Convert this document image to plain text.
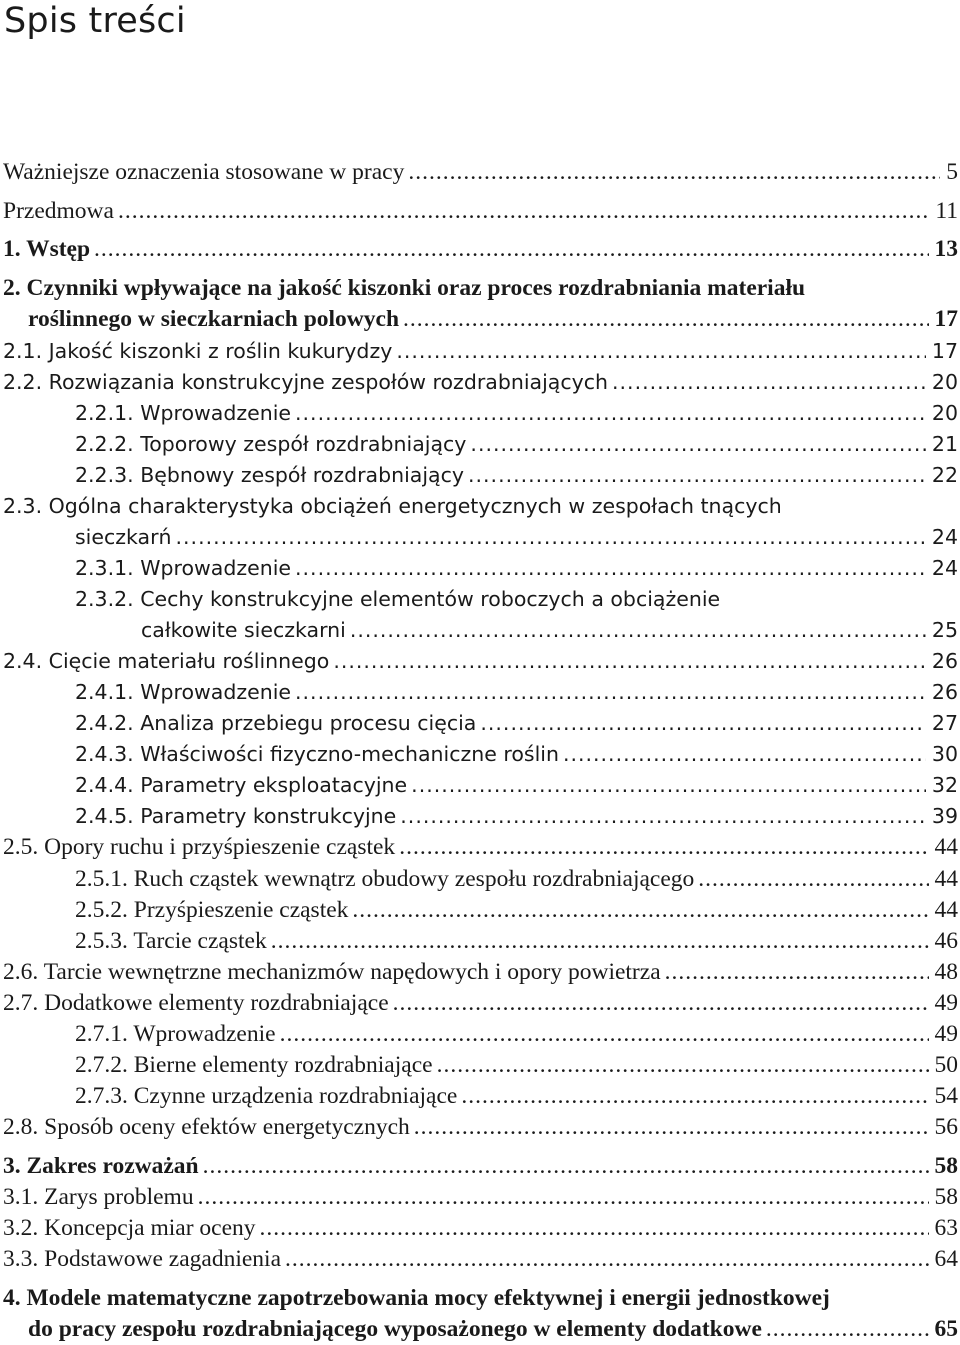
Spis treści
Ważniejsze oznaczenia stosowane w pracy .....	5
Przedmowa .....	11
1. Wstęp .....	13
2. Czynniki wpływające na jakość kiszonki oraz proces rozdrabniania materiału
roślinnego w sieczkarniach polowych .....	17
2.1. Jakość kiszonki z roślin kukurydzy .....	17
2.2. Rozwiązania konstrukcyjne zespołów rozdrabniających .....	20
2.2.1. Wprowadzenie .....	20
2.2.2. Toporowy zespół rozdrabniający .....	21
2.2.3. Bębnowy zespół rozdrabniający .....	22
2.3. Ogólna charakterystyka obciążeń energetycznych w zespołach tnących
sieczkarń .....	24
2.3.1. Wprowadzenie .....	24
2.3.2. Cechy konstrukcyjne elementów roboczych a obciążenie
całkowite sieczkarni .....	25
2.4. Cięcie materiału roślinnego .....	26
2.4.1. Wprowadzenie .....	26
2.4.2. Analiza przebiegu procesu cięcia .....	27
2.4.3. Właściwości fizyczno-mechaniczne roślin .....	30
2.4.4. Parametry eksploatacyjne .....	32
2.4.5. Parametry konstrukcyjne .....	39
2.5. Opory ruchu i przyśpieszenie cząstek .....	44
2.5.1. Ruch cząstek wewnątrz obudowy zespołu rozdrabniającego .....	44
2.5.2. Przyśpieszenie cząstek .....	44
2.5.3. Tarcie cząstek .....	46
2.6. Tarcie wewnętrzne mechanizmów napędowych i opory powietrza .....	48
2.7. Dodatkowe elementy rozdrabniające .....	49
2.7.1. Wprowadzenie .....	49
2.7.2. Bierne elementy rozdrabniające .....	50
2.7.3. Czynne urządzenia rozdrabniające .....	54
2.8. Sposób oceny efektów energetycznych .....	56
3. Zakres rozważań .....	58
3.1. Zarys problemu .....	58
3.2. Koncepcja miar oceny .....	63
3.3. Podstawowe zagadnienia .....	64
4. Modele matematyczne zapotrzebowania mocy efektywnej i energii jednostkowej
do pracy zespołu rozdrabniającego wyposażonego w elementy dodatkowe .....	65
